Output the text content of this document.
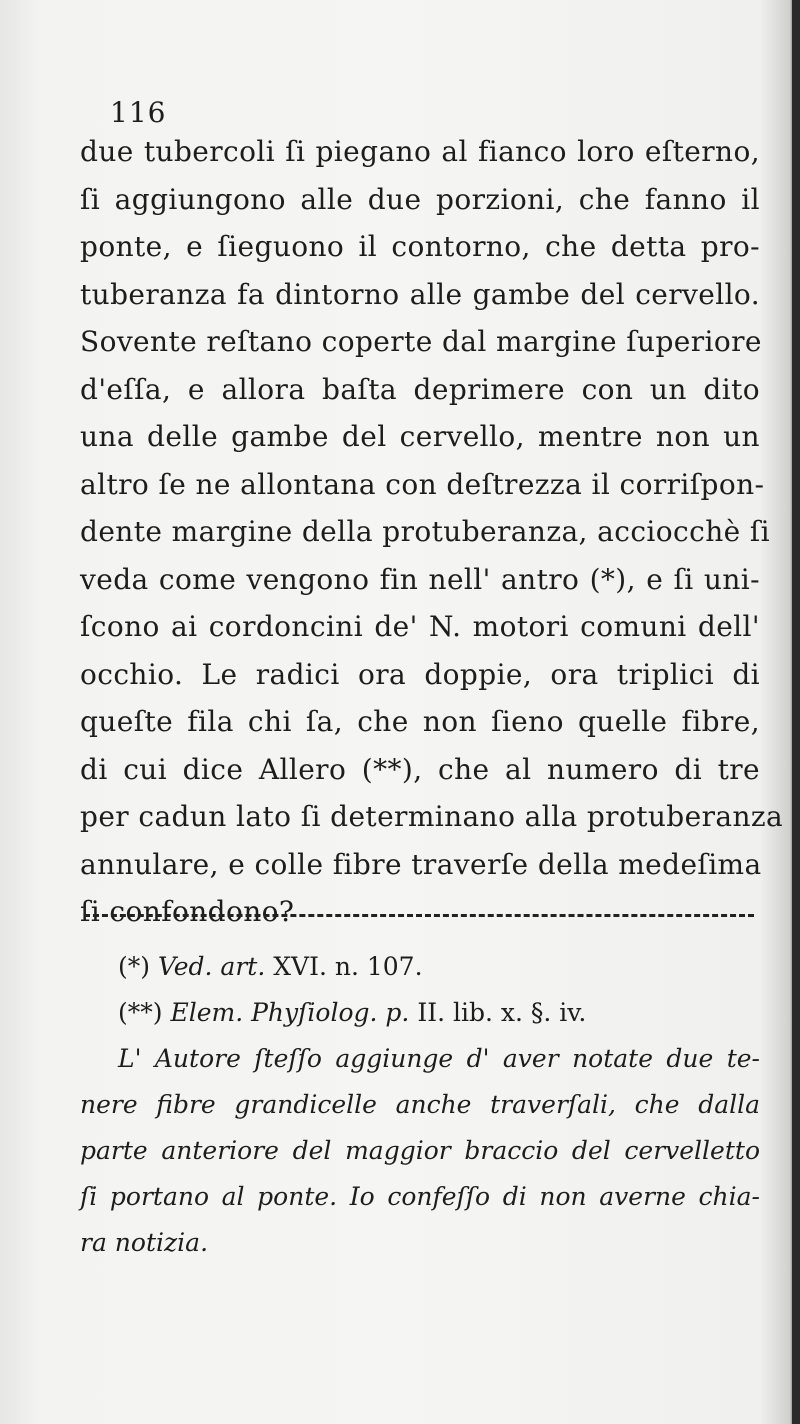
116
due tubercoli ſi piegano al fianco loro eſterno,
ſi aggiungono alle due porzioni, che fanno il
ponte, e ſieguono il contorno, che detta pro-
tuberanza fa dintorno alle gambe del cervello.
Sovente reſtano coperte dal margine ſuperiore
d'eſſa, e allora baſta deprimere con un dito
una delle gambe del cervello, mentre non un
altro ſe ne allontana con deſtrezza il corriſpon-
dente margine della protuberanza, acciocchè ſi
veda come vengono fin nell' antro (*), e ſi uni-
ſcono ai cordoncini de' N. motori comuni dell'
occhio. Le radici ora doppie, ora triplici di
queſte fila chi ſa, che non ſieno quelle fibre,
di cui dice Allero (**), che al numero di tre
per cadun lato ſi determinano alla protuberanza
annulare, e colle fibre traverſe della medeſima
ſi confondono?
(*) Ved. art. XVI. n. 107.
(**) Elem. Phyſiolog. p. II. lib. x. §. iv.
L' Autore ſteſſo aggiunge d' aver notate due te-
nere fibre grandicelle anche traverſali, che dalla
parte anteriore del maggior braccio del cervelletto
ſi portano al ponte. Io confeſſo di non averne chia-
ra notizia.
